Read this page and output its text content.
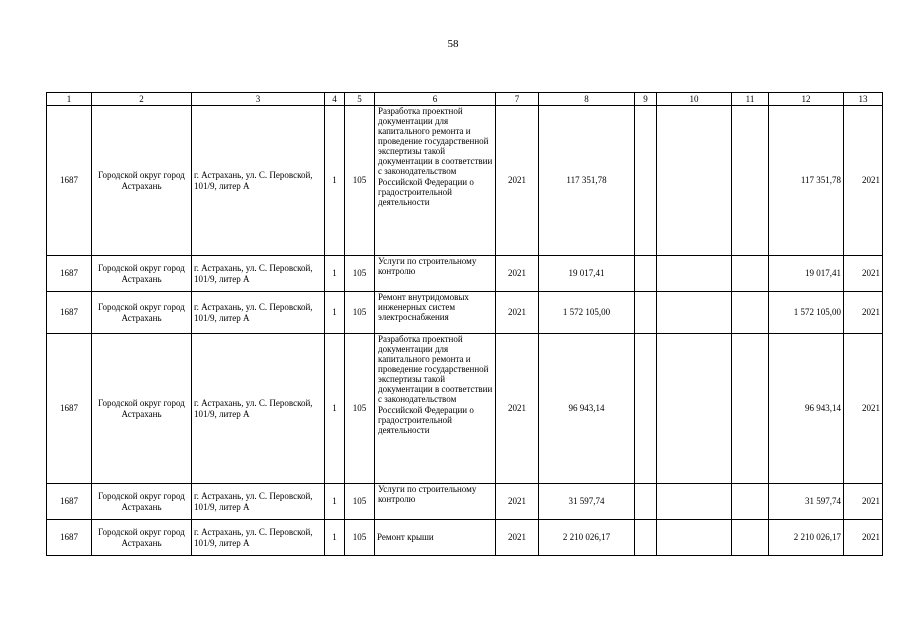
58
1	2	3	4	5	6	7	8	9	10	11	12	13
1687	Городской округ город Астрахань	г. Астрахань, ул. С. Перовской, 101/9, литер А	1	105	Разработка проектной документации для капитального ремонта и проведение государственной экспертизы такой документации в соответствии с законодательством Российской Федерации о градостроительной деятельности	2021	117 351,78				117 351,78	2021
1687	Городской округ город Астрахань	г. Астрахань, ул. С. Перовской, 101/9, литер А	1	105	Услуги по строительному контролю	2021	19 017,41				19 017,41	2021
1687	Городской округ город Астрахань	г. Астрахань, ул. С. Перовской, 101/9, литер А	1	105	Ремонт внутридомовых инженерных систем электроснабжения	2021	1 572 105,00				1 572 105,00	2021
1687	Городской округ город Астрахань	г. Астрахань, ул. С. Перовской, 101/9, литер А	1	105	Разработка проектной документации для капитального ремонта и проведение государственной экспертизы такой документации в соответствии с законодательством Российской Федерации о градостроительной деятельности	2021	96 943,14				96 943,14	2021
1687	Городской округ город Астрахань	г. Астрахань, ул. С. Перовской, 101/9, литер А	1	105	Услуги по строительному контролю	2021	31 597,74				31 597,74	2021
1687	Городской округ город Астрахань	г. Астрахань, ул. С. Перовской, 101/9, литер А	1	105	Ремонт крыши	2021	2 210 026,17				2 210 026,17	2021
